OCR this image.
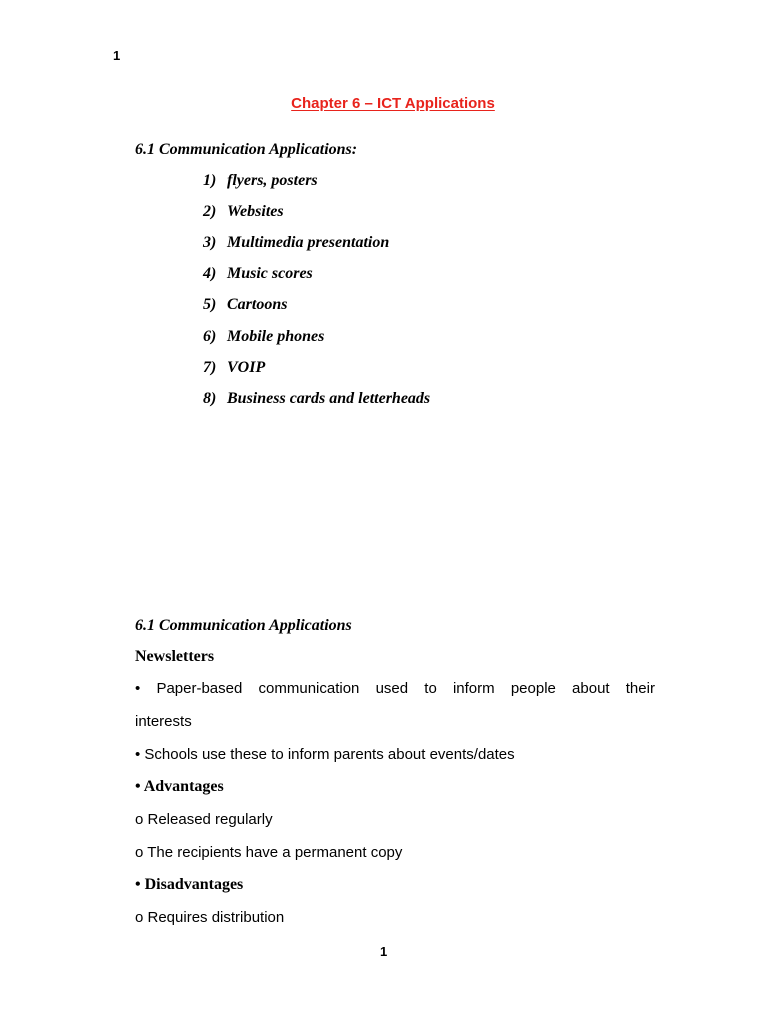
1
Chapter 6 – ICT Applications
6.1 Communication Applications:
1) flyers, posters
2) Websites
3) Multimedia presentation
4) Music scores
5) Cartoons
6) Mobile phones
7) VOIP
8) Business cards and letterheads
6.1 Communication Applications
Newsletters
• Paper-based communication used to inform people about their
interests
• Schools use these to inform parents about events/dates
• Advantages
o Released regularly
o The recipients have a permanent copy
• Disadvantages
o Requires distribution
1
